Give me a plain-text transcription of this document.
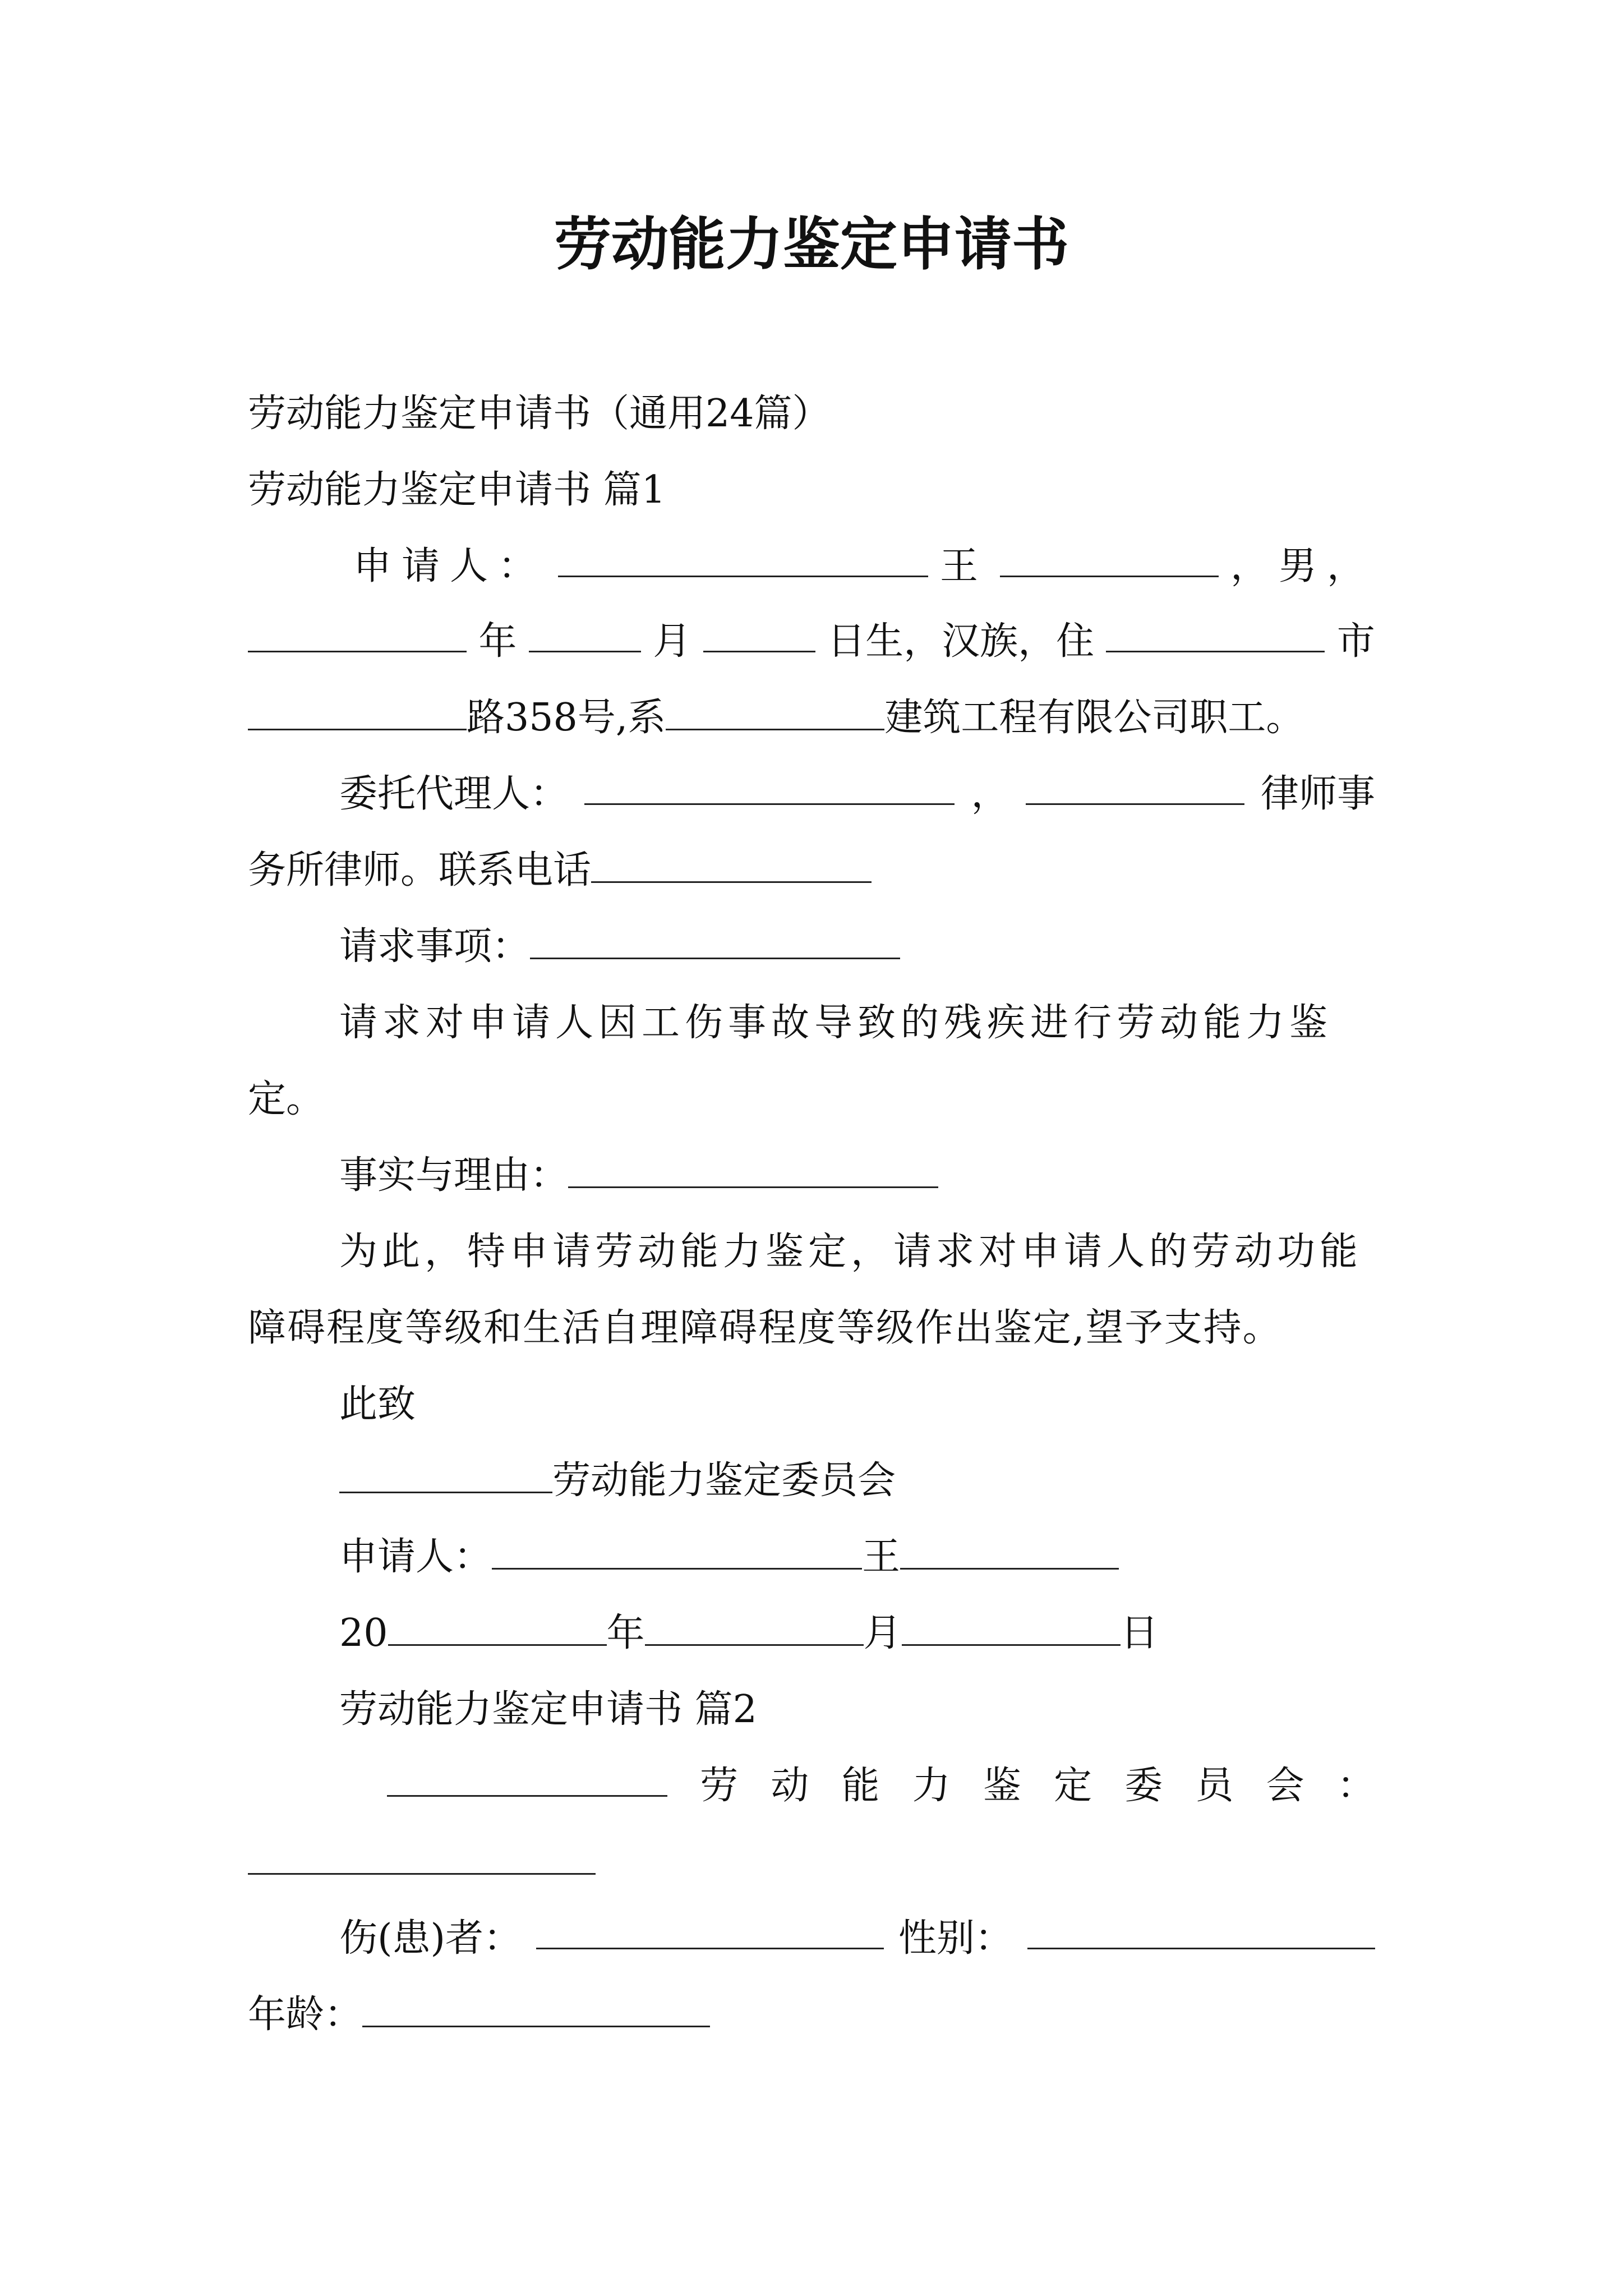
劳动能力鉴定申请书
劳动能力鉴定申请书（通用24篇）
劳动能力鉴定申请书 篇1
申请人：	王	，男，
年	月	日生，汉族，住	市
路358号,系	建筑工程有限公司职工。
委托代理人：	，	律师事
务所律师。联系电话
请求事项：
请求对申请人因工伤事故导致的残疾进行劳动能力鉴
定。
事实与理由：
为此，特申请劳动能力鉴定，请求对申请人的劳动功能
障碍程度等级和生活自理障碍程度等级作出鉴定,望予支持。
此致
劳动能力鉴定委员会
申请人：	王
20	年	月	日
劳动能力鉴定申请书 篇2
劳 动 能 力 鉴 定 委 员 会 ：
伤(患)者：	性别：
年龄：
